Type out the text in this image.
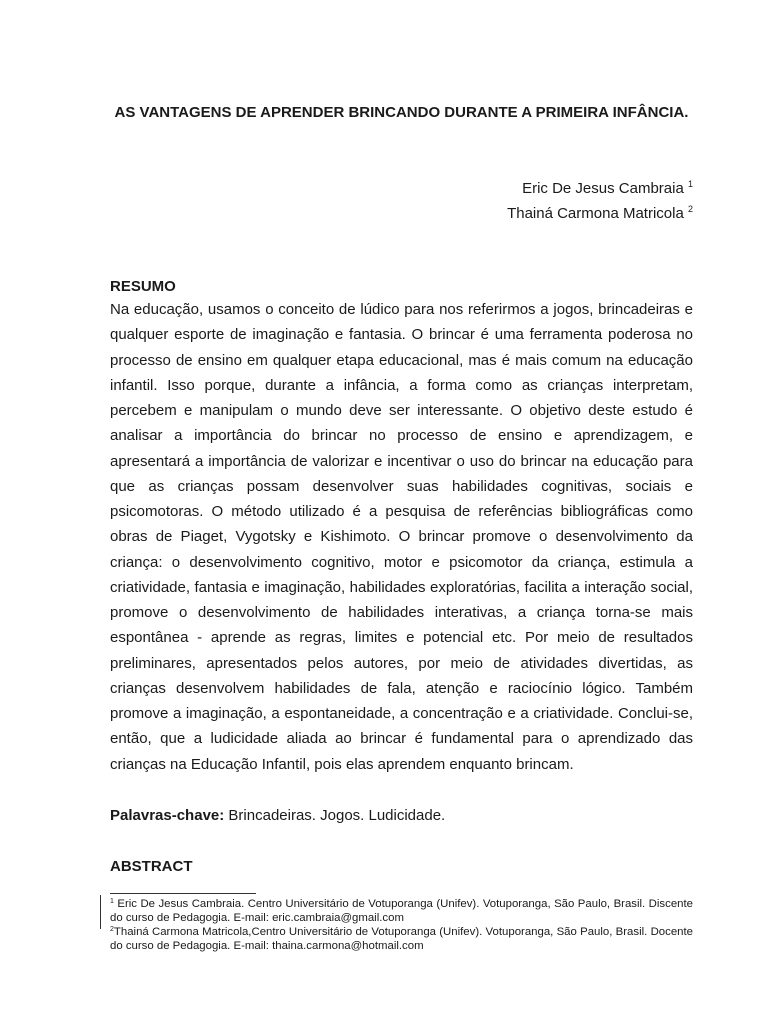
AS VANTAGENS DE APRENDER BRINCANDO DURANTE A PRIMEIRA INFÂNCIA.
Eric De Jesus Cambraia $^1$
Thainá Carmona Matricola $^2$
RESUMO
Na educação, usamos o conceito de lúdico para nos referirmos a jogos, brincadeiras e qualquer esporte de imaginação e fantasia. O brincar é uma ferramenta poderosa no processo de ensino em qualquer etapa educacional, mas é mais comum na educação infantil. Isso porque, durante a infância, a forma como as crianças interpretam, percebem e manipulam o mundo deve ser interessante. O objetivo deste estudo é analisar a importância do brincar no processo de ensino e aprendizagem, e apresentará a importância de valorizar e incentivar o uso do brincar na educação para que as crianças possam desenvolver suas habilidades cognitivas, sociais e psicomotoras. O método utilizado é a pesquisa de referências bibliográficas como obras de Piaget, Vygotsky e Kishimoto. O brincar promove o desenvolvimento da criança: o desenvolvimento cognitivo, motor e psicomotor da criança, estimula a criatividade, fantasia e imaginação, habilidades exploratórias, facilita a interação social, promove o desenvolvimento de habilidades interativas, a criança torna-se mais espontânea - aprende as regras, limites e potencial etc. Por meio de resultados preliminares, apresentados pelos autores, por meio de atividades divertidas, as crianças desenvolvem habilidades de fala, atenção e raciocínio lógico. Também promove a imaginação, a espontaneidade, a concentração e a criatividade. Conclui-se, então, que a ludicidade aliada ao brincar é fundamental para o aprendizado das crianças na Educação Infantil, pois elas aprendem enquanto brincam.
Palavras-chave: Brincadeiras. Jogos. Ludicidade.
ABSTRACT

$^1$ Eric De Jesus Cambraia. Centro Universitário de Votuporanga (Unifev). Votuporanga, São Paulo, Brasil. Discente do curso de Pedagogia. E-mail: eric.cambraia@gmail.com

$^2$Thainá Carmona Matricola,Centro Universitário de Votuporanga (Unifev). Votuporanga, São Paulo, Brasil. Docente do curso de Pedagogia. E-mail: thaina.carmona@hotmail.com
